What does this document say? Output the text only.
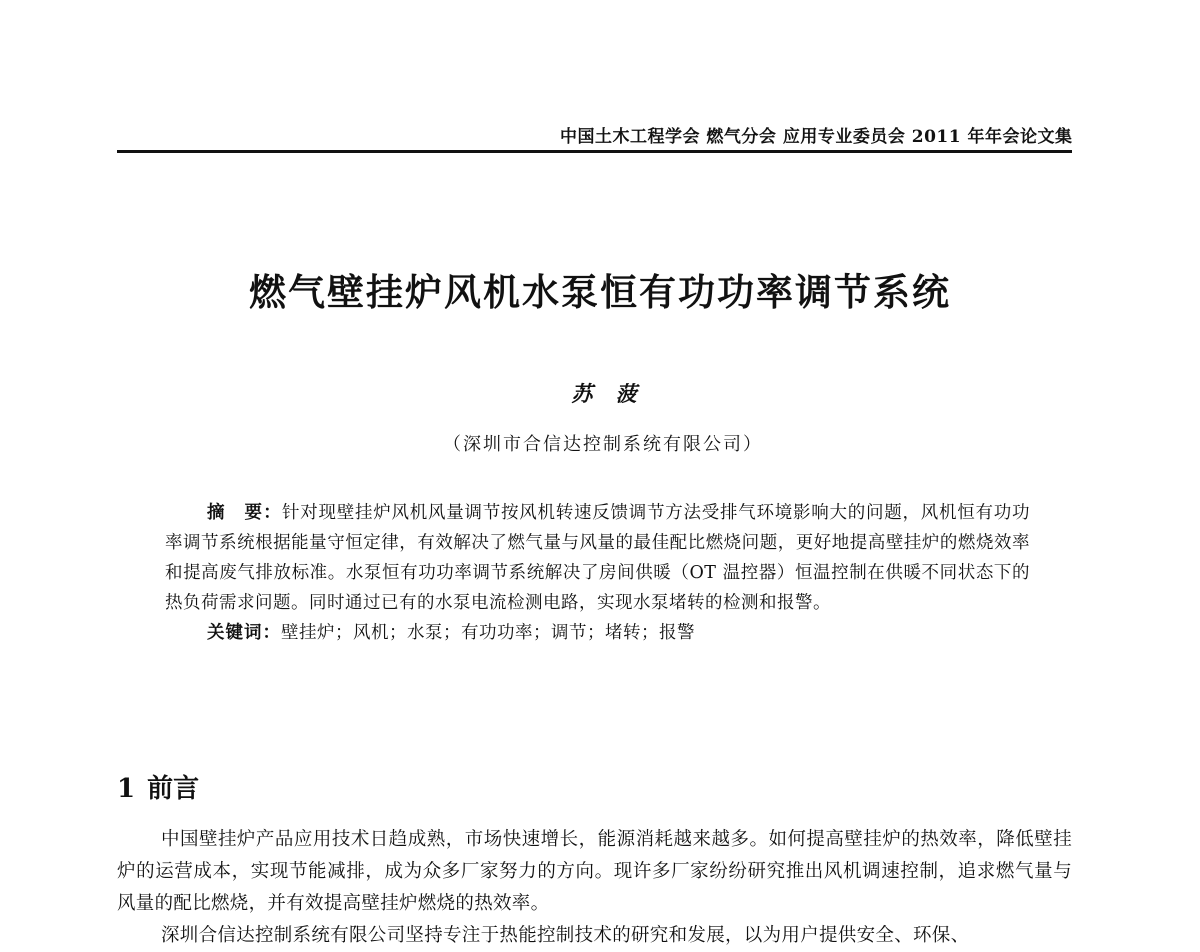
中国土木工程学会 燃气分会 应用专业委员会 2011 年年会论文集
燃气壁挂炉风机水泵恒有功功率调节系统
苏 菠
（深圳市合信达控制系统有限公司）

摘　要：针对现壁挂炉风机风量调节按风机转速反馈调节方法受排气环境影响大的问题，风机恒有功功率调节系统根据能量守恒定律，有效解决了燃气量与风量的最佳配比燃烧问题，更好地提高壁挂炉的燃烧效率和提高废气排放标准。水泵恒有功功率调节系统解决了房间供暖（OT 温控器）恒温控制在供暖不同状态下的热负荷需求问题。同时通过已有的水泵电流检测电路，实现水泵堵转的检测和报警。

关键词：壁挂炉；风机；水泵；有功功率；调节；堵转；报警

1 前言

中国壁挂炉产品应用技术日趋成熟，市场快速增长，能源消耗越来越多。如何提高壁挂炉的热效率，降低壁挂炉的运营成本，实现节能减排，成为众多厂家努力的方向。现许多厂家纷纷研究推出风机调速控制，追求燃气量与风量的配比燃烧，并有效提高壁挂炉燃烧的热效率。

深圳合信达控制系统有限公司坚持专注于热能控制技术的研究和发展，以为用户提供安全、环保、
